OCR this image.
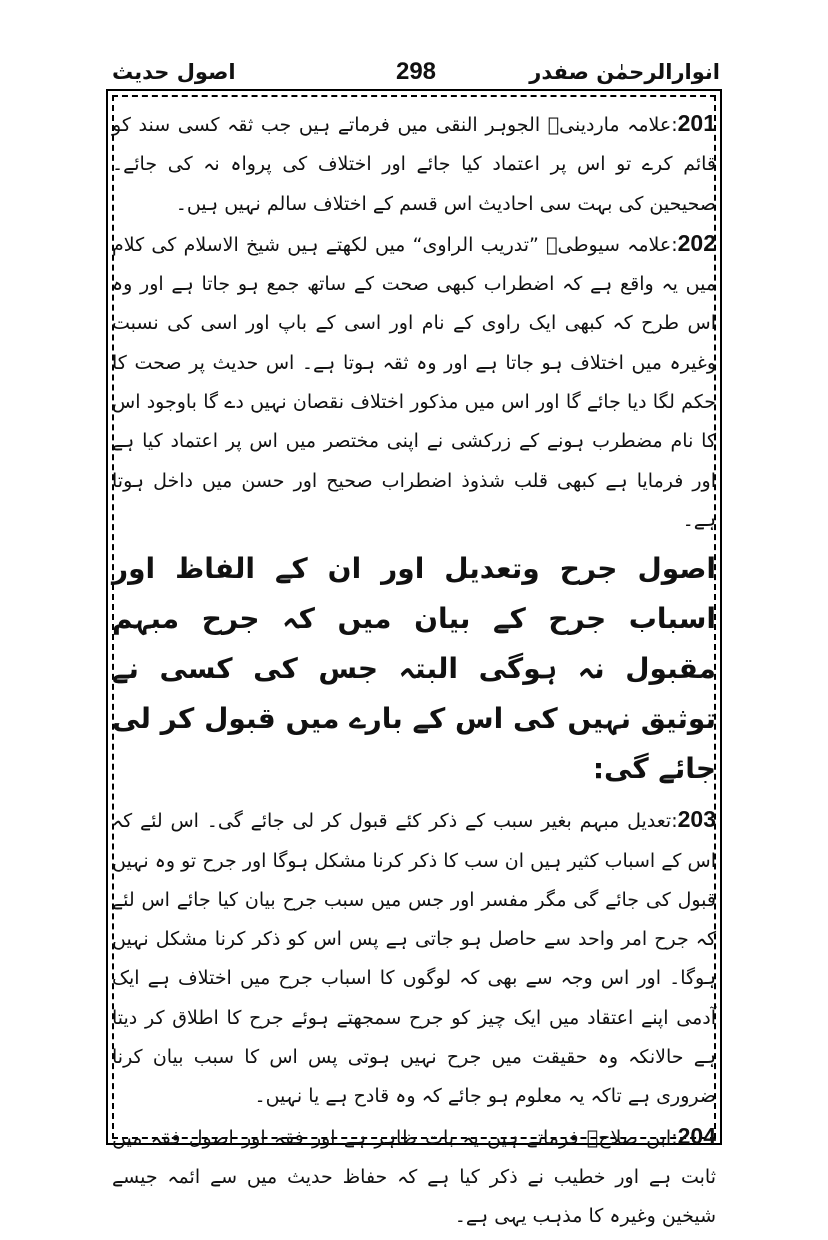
انوارالرحمٰن صفدر
298
اصول حدیث

201:علامہ ماردینیؒ الجوہر النقی میں فرماتے ہیں جب ثقہ کسی سند کو قائم کرے تو اس پر اعتماد کیا جائے اور اختلاف کی پرواہ نہ کی جائے۔ صحیحین کی بہت سی احادیث اس قسم کے اختلاف سالم نہیں ہیں۔

202:علامہ سیوطیؒ ”تدریب الراوی“ میں لکھتے ہیں شیخ الاسلام کی کلام میں یہ واقع ہے کہ اضطراب کبھی صحت کے ساتھ جمع ہو جاتا ہے اور وہ اس طرح کہ کبھی ایک راوی کے نام اور اسی کے باپ اور اسی کی نسبت وغیرہ میں اختلاف ہو جاتا ہے اور وہ ثقہ ہوتا ہے۔ اس حدیث پر صحت کا حکم لگا دیا جائے گا اور اس میں مذکور اختلاف نقصان نہیں دے گا باوجود اس کا نام مضطرب ہونے کے زرکشی نے اپنی مختصر میں اس پر اعتماد کیا ہے اور فرمایا ہے کبھی قلب شذوذ اضطراب صحیح اور حسن میں داخل ہوتا ہے۔

اصول جرح وتعدیل اور ان کے الفاظ اور اسباب جرح کے بیان میں کہ جرح مبہم مقبول نہ ہوگی البتہ جس کی کسی نے توثیق نہیں کی اس کے بارے میں قبول کر لی جائے گی:

203:تعدیل مبہم بغیر سبب کے ذکر کئے قبول کر لی جائے گی۔ اس لئے کہ اس کے اسباب کثیر ہیں ان سب کا ذکر کرنا مشکل ہوگا اور جرح تو وہ نہیں قبول کی جائے گی مگر مفسر اور جس میں سبب جرح بیان کیا جائے اس لئے کہ جرح امر واحد سے حاصل ہو جاتی ہے پس اس کو ذکر کرنا مشکل نہیں ہوگا۔ اور اس وجہ سے بھی کہ لوگوں کا اسباب جرح میں اختلاف ہے ایک آدمی اپنے اعتقاد میں ایک چیز کو جرح سمجھتے ہوئے جرح کا اطلاق کر دیتا ہے حالانکہ وہ حقیقت میں جرح نہیں ہوتی پس اس کا سبب بیان کرنا ضروری ہے تاکہ یہ معلوم ہو جائے کہ وہ قادح ہے یا نہیں۔

204:ابن صلاحؒ فرماتے ہیں یہ بات ظاہر ہے اور فقہ اور اصول فقہ میں ثابت ہے اور خطیب نے ذکر کیا ہے کہ حفاظ حدیث میں سے ائمہ جیسے شیخین وغیرہ کا مذہب یہی ہے۔
